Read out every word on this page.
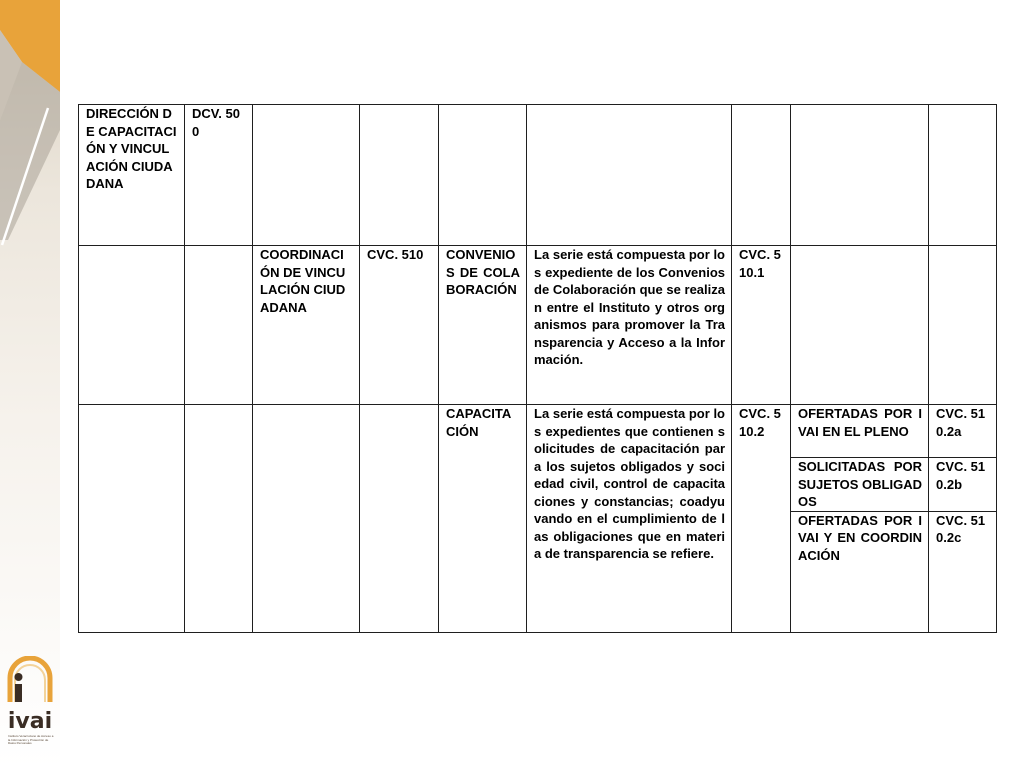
ivai
Instituto Veracruzano de Acceso a la Información y Protección de Datos Personales
DIRECCIÓN DE CAPACITACIÓN Y VINCULACIÓN CIUDADANA	DCV. 500							
		COORDINACIÓN DE VINCULACIÓN CIUDADANA	CVC. 510	CONVENIOS DE COLABORACIÓN	La serie está compuesta por los expediente de los Convenios de Colaboración que se realizan entre el Instituto y otros organismos para promover la Transparencia y Acceso a la Información.	CVC. 510.1		
				CAPACITACIÓN	La serie está compuesta por los expedientes que contienen solicitudes de capacitación para los sujetos obligados y sociedad civil, control de capacitaciones y constancias; coadyuvando en el cumplimiento de las obligaciones que en materia de transparencia se refiere.	CVC. 510.2	OFERTADAS POR IVAI EN EL PLENO	CVC. 510.2a
							SOLICITADAS POR SUJETOS OBLIGADOS	CVC. 510.2b
							OFERTADAS POR IVAI Y EN COORDINACIÓN	CVC. 510.2c
